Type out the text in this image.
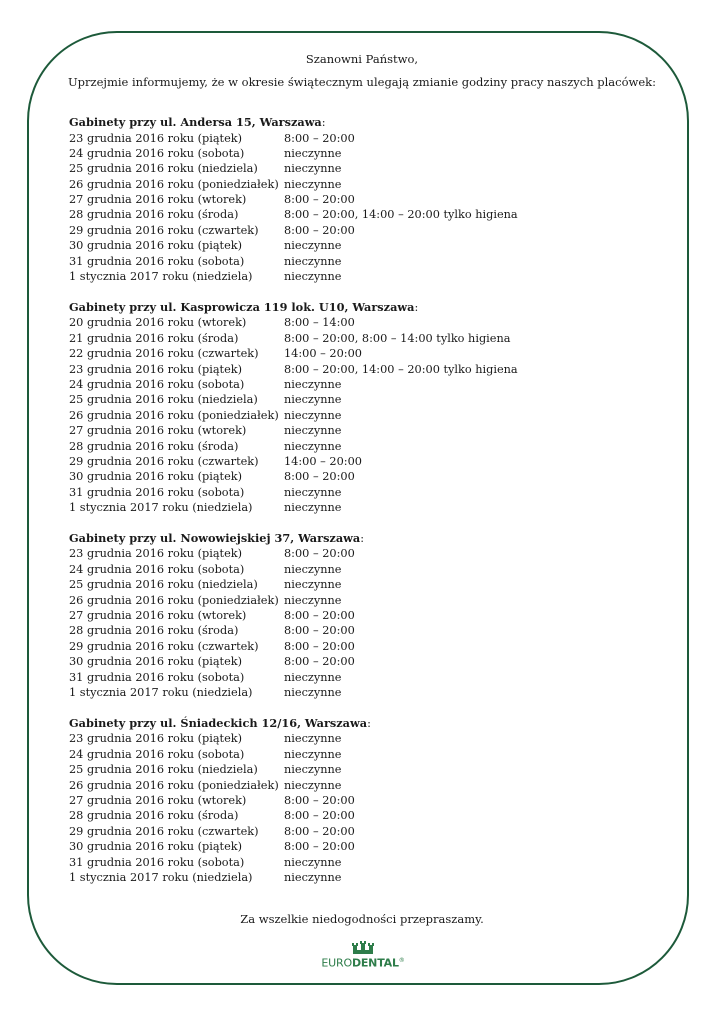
Szanowni Państwo,
Uprzejmie informujemy, że w okresie świątecznym ulegają zmianie godziny pracy naszych placówek:
Gabinety przy ul. Andersa 15, Warszawa:
23 grudnia 2016 roku (piątek)	8:00 – 20:00
24 grudnia 2016 roku (sobota)	nieczynne
25 grudnia 2016 roku (niedziela)	nieczynne
26 grudnia 2016 roku (poniedziałek) nieczynne
27 grudnia 2016 roku (wtorek)	8:00 – 20:00
28 grudnia 2016 roku (środa)	8:00 – 20:00, 14:00 – 20:00 tylko higiena
29 grudnia 2016 roku (czwartek)	8:00 – 20:00
30 grudnia 2016 roku (piątek)	nieczynne
31 grudnia 2016 roku (sobota)	nieczynne
1 stycznia 2017 roku (niedziela)	nieczynne
Gabinety przy ul. Kasprowicza 119 lok. U10, Warszawa:
20 grudnia 2016 roku (wtorek)	8:00 – 14:00
21 grudnia 2016 roku (środa)	8:00 – 20:00, 8:00 – 14:00 tylko higiena
22 grudnia 2016 roku (czwartek)	14:00 – 20:00
23 grudnia 2016 roku (piątek)	8:00 – 20:00, 14:00 – 20:00 tylko higiena
24 grudnia 2016 roku (sobota)	nieczynne
25 grudnia 2016 roku (niedziela)	nieczynne
26 grudnia 2016 roku (poniedziałek) nieczynne
27 grudnia 2016 roku (wtorek)	nieczynne
28 grudnia 2016 roku (środa)	nieczynne
29 grudnia 2016 roku (czwartek)	14:00 – 20:00
30 grudnia 2016 roku (piątek)	8:00 – 20:00
31 grudnia 2016 roku (sobota)	nieczynne
1 stycznia 2017 roku (niedziela)	nieczynne
Gabinety przy ul. Nowowiejskiej 37, Warszawa:
23 grudnia 2016 roku (piątek)	8:00 – 20:00
24 grudnia 2016 roku (sobota)	nieczynne
25 grudnia 2016 roku (niedziela)	nieczynne
26 grudnia 2016 roku (poniedziałek) nieczynne
27 grudnia 2016 roku (wtorek)	8:00 – 20:00
28 grudnia 2016 roku (środa)	8:00 – 20:00
29 grudnia 2016 roku (czwartek)	8:00 – 20:00
30 grudnia 2016 roku (piątek)	8:00 – 20:00
31 grudnia 2016 roku (sobota)	nieczynne
1 stycznia 2017 roku (niedziela)	nieczynne
Gabinety przy ul. Śniadeckich 12/16, Warszawa:
23 grudnia 2016 roku (piątek)	nieczynne
24 grudnia 2016 roku (sobota)	nieczynne
25 grudnia 2016 roku (niedziela)	nieczynne
26 grudnia 2016 roku (poniedziałek) nieczynne
27 grudnia 2016 roku (wtorek)	8:00 – 20:00
28 grudnia 2016 roku (środa)	8:00 – 20:00
29 grudnia 2016 roku (czwartek)	8:00 – 20:00
30 grudnia 2016 roku (piątek)	8:00 – 20:00
31 grudnia 2016 roku (sobota)	nieczynne
1 stycznia 2017 roku (niedziela)	nieczynne
Za wszelkie niedogodności przepraszamy.
EURODENTAL®
